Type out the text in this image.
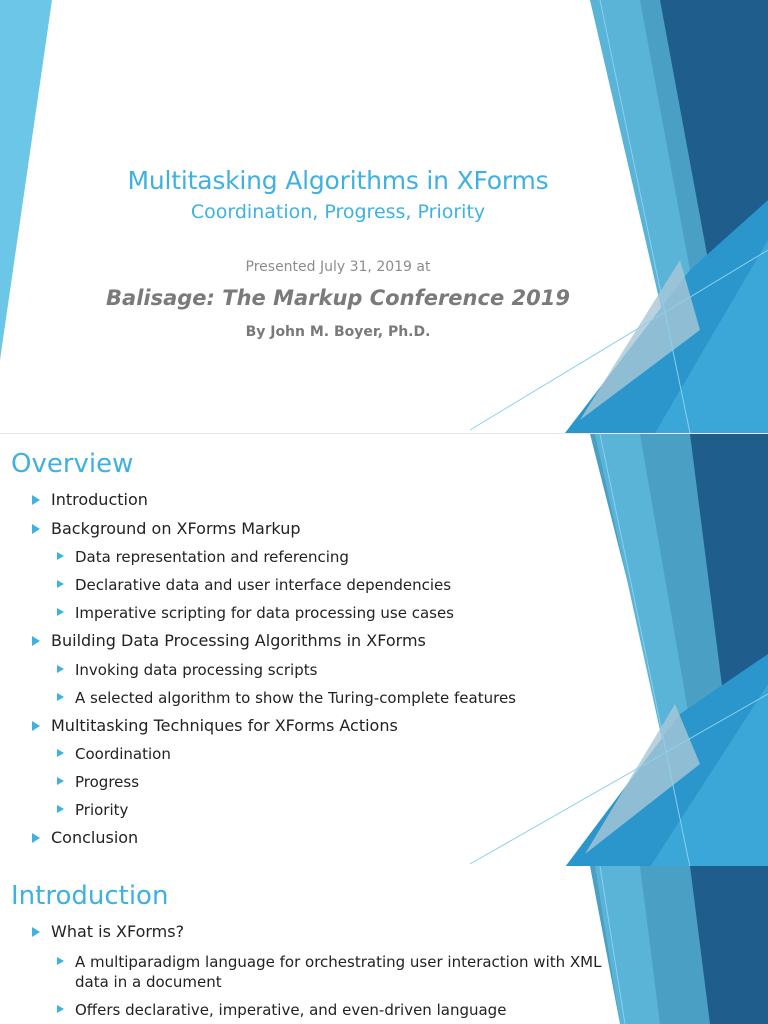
Multitasking Algorithms in XForms
Coordination, Progress, Priority
Presented July 31, 2019 at
Balisage: The Markup Conference 2019
By John M. Boyer, Ph.D.
Overview
Introduction
Background on XForms Markup
Data representation and referencing
Declarative data and user interface dependencies
Imperative scripting for data processing use cases
Building Data Processing Algorithms in XForms
Invoking data processing scripts
A selected algorithm to show the Turing-complete features
Multitasking Techniques for XForms Actions
Coordination
Progress
Priority
Conclusion
Introduction
What is XForms?
A multiparadigm language for orchestrating user interaction with XML data in a document
Offers declarative, imperative, and even-driven language
